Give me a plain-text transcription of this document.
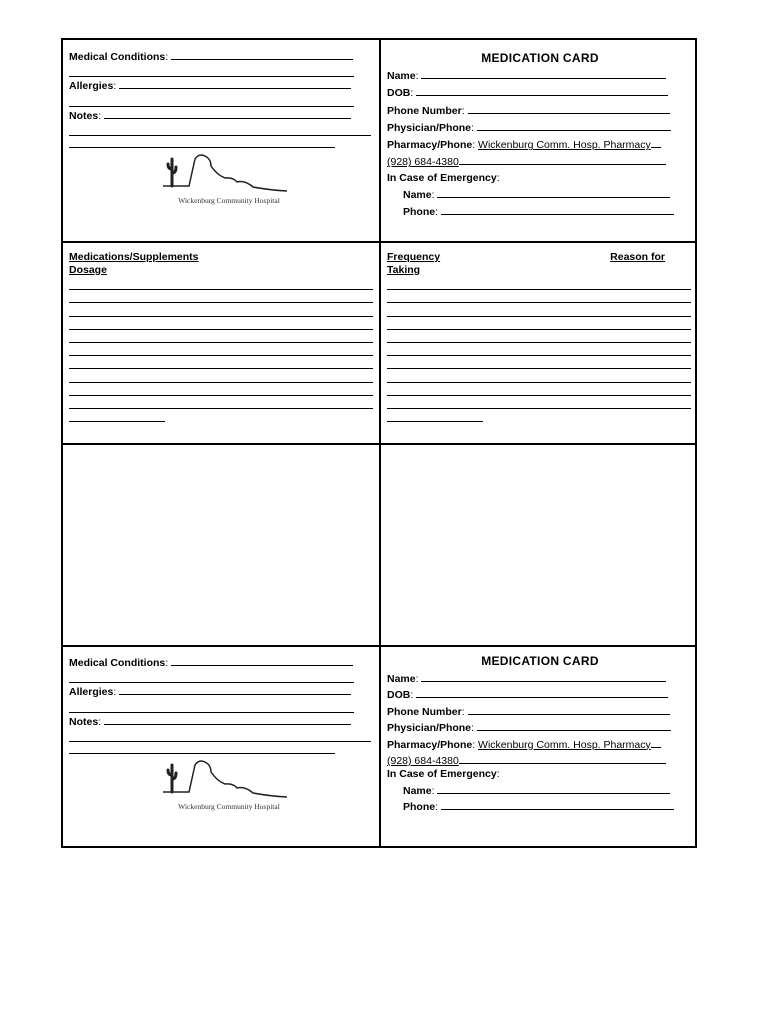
Medical Conditions:
Allergies:
Notes:
Wickenburg Community Hospital
MEDICATION CARD
Name:
DOB:
Phone Number:
Physician/Phone:
Pharmacy/Phone: Wickenburg Comm. Hosp. Pharmacy
(928) 684-4380
In Case of Emergency:
Name:
Phone:
Medications/Supplements
Dosage
Frequency	Reason for
Taking
Medical Conditions:
Allergies:
Notes:
Wickenburg Community Hospital
MEDICATION CARD
Name:
DOB:
Phone Number:
Physician/Phone:
Pharmacy/Phone: Wickenburg Comm. Hosp. Pharmacy
(928) 684-4380
In Case of Emergency:
Name:
Phone:
